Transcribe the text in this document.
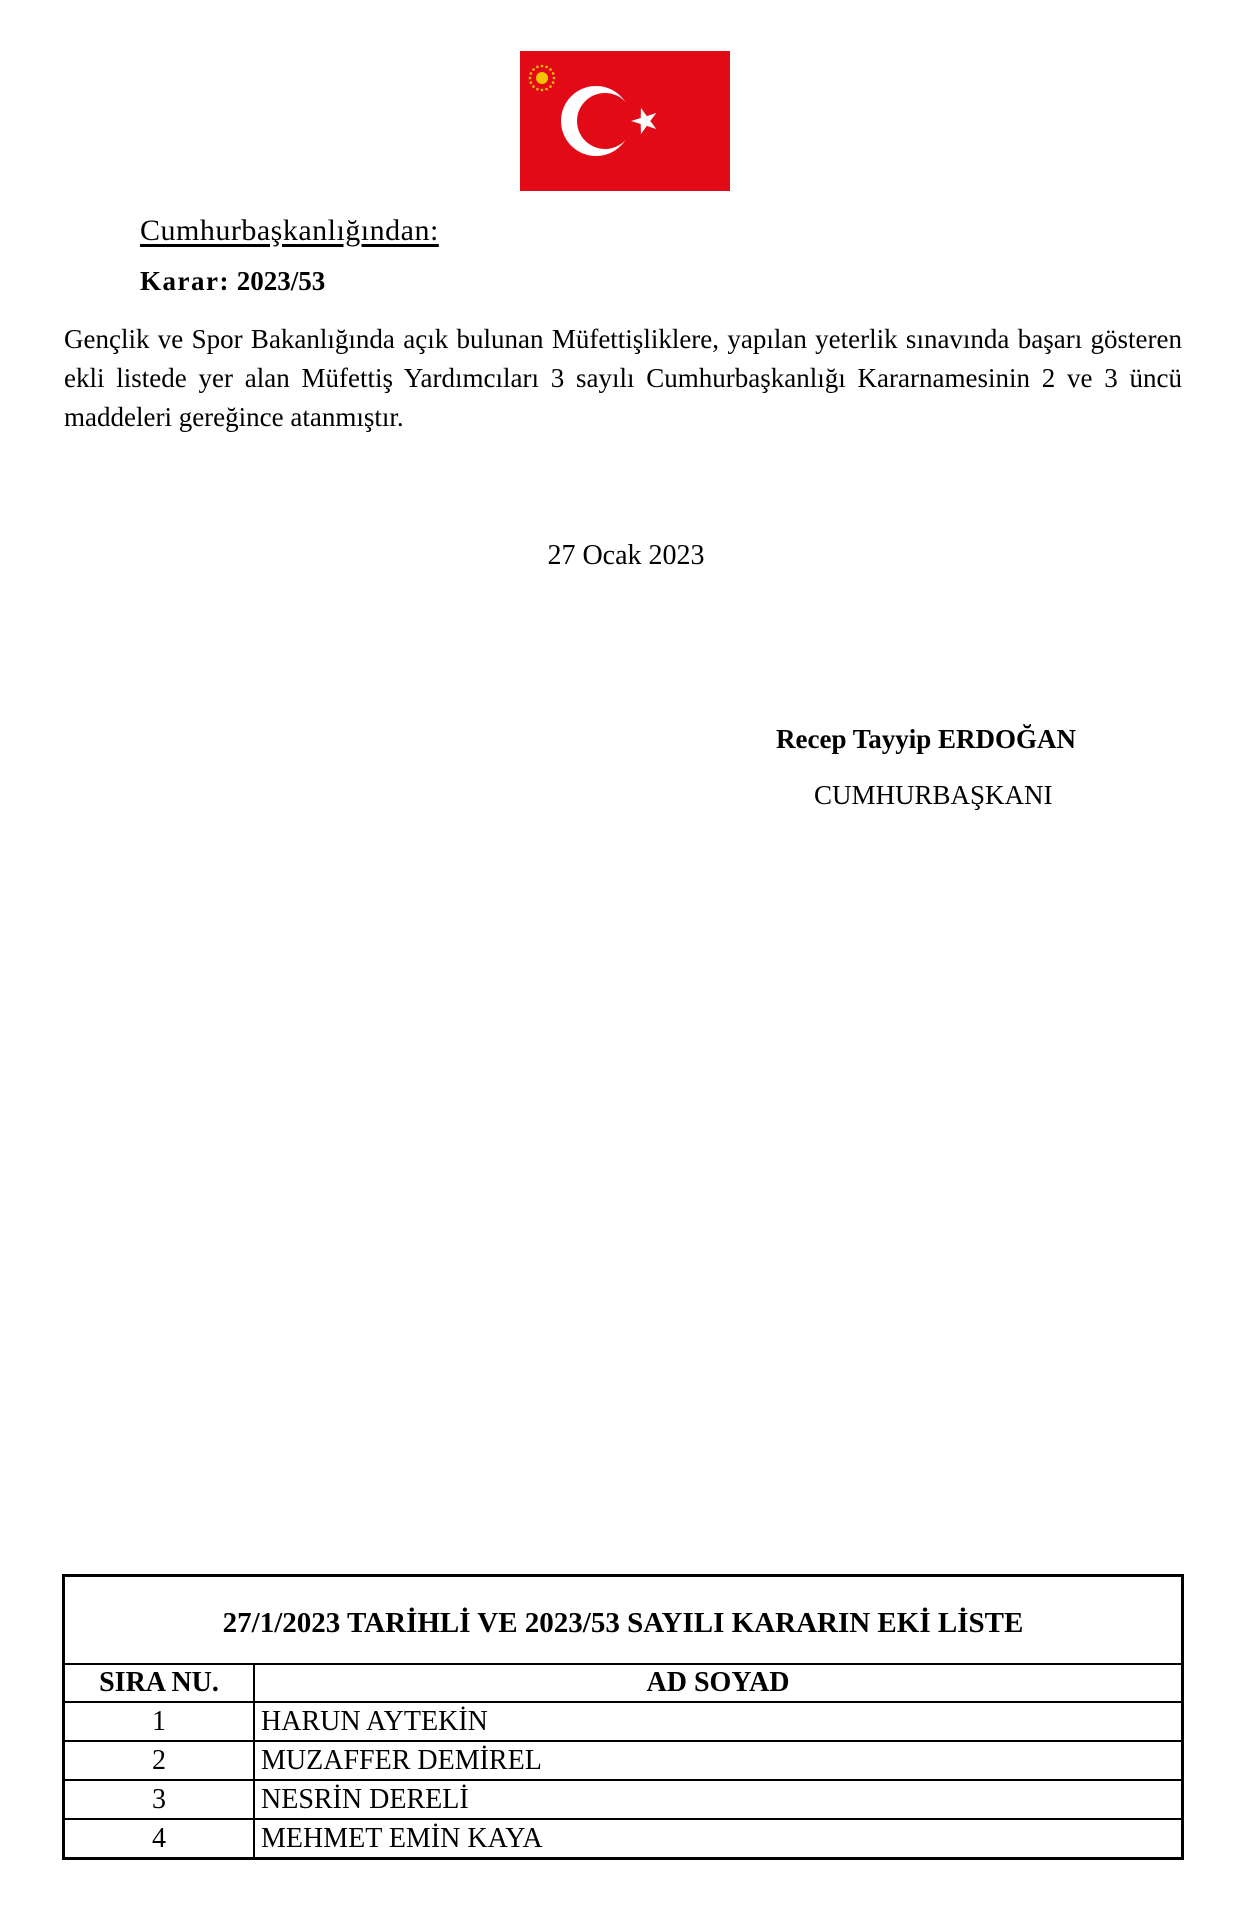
Cumhurbaşkanlığından:
Karar: 2023/53
Gençlik ve Spor Bakanlığında açık bulunan Müfettişliklere, yapılan yeterlik sınavında başarı gösteren ekli listede yer alan Müfettiş Yardımcıları 3 sayılı Cumhurbaşkanlığı Kararnamesinin 2 ve 3 üncü maddeleri gereğince atanmıştır.
27 Ocak 2023
Recep Tayyip ERDOĞAN
CUMHURBAŞKANI
27/1/2023 TARİHLİ VE 2023/53 SAYILI KARARIN EKİ LİSTE	
SIRA NU.	AD SOYAD
1	HARUN AYTEKİN
2	MUZAFFER DEMİREL
3	NESRİN DERELİ
4	MEHMET EMİN KAYA
